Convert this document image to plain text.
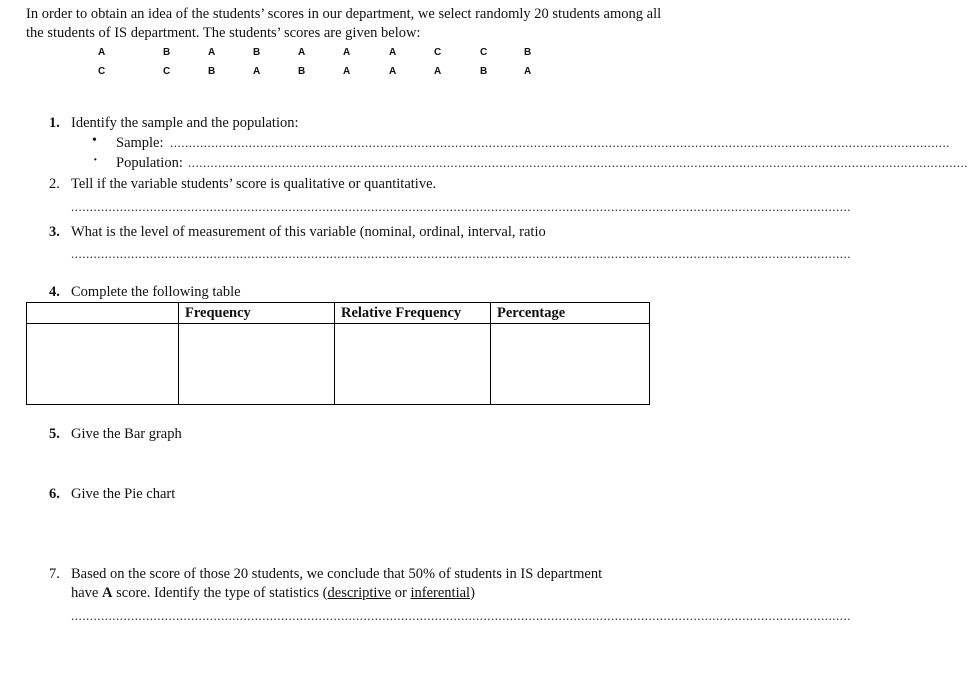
In order to obtain an idea of the students’ scores in our department, we select randomly 20 students among all the students of IS department. The students’ scores are given below:
A	B	A	B	A	A	A	C	C	B
C	C	B	A	B	A	A	A	B	A
1. Identify the sample and the population:
• Sample: ................................................................................................................................................................................................................
· Population: ................................................................................................................................................................................................................
2. Tell if the variable students’ score is qualitative or quantitative.
................................................................................................................................................................................................................
3. What is the level of measurement of this variable (nominal, ordinal, interval, ratio
................................................................................................................................................................................................................
4. Complete the following table
	Frequency	Relative Frequency	Percentage

5. Give the Bar graph
6. Give the Pie chart
7. Based on the score of those 20 students, we conclude that 50% of students in IS department
have A score. Identify the type of statistics (descriptive or inferential)
................................................................................................................................................................................................................
